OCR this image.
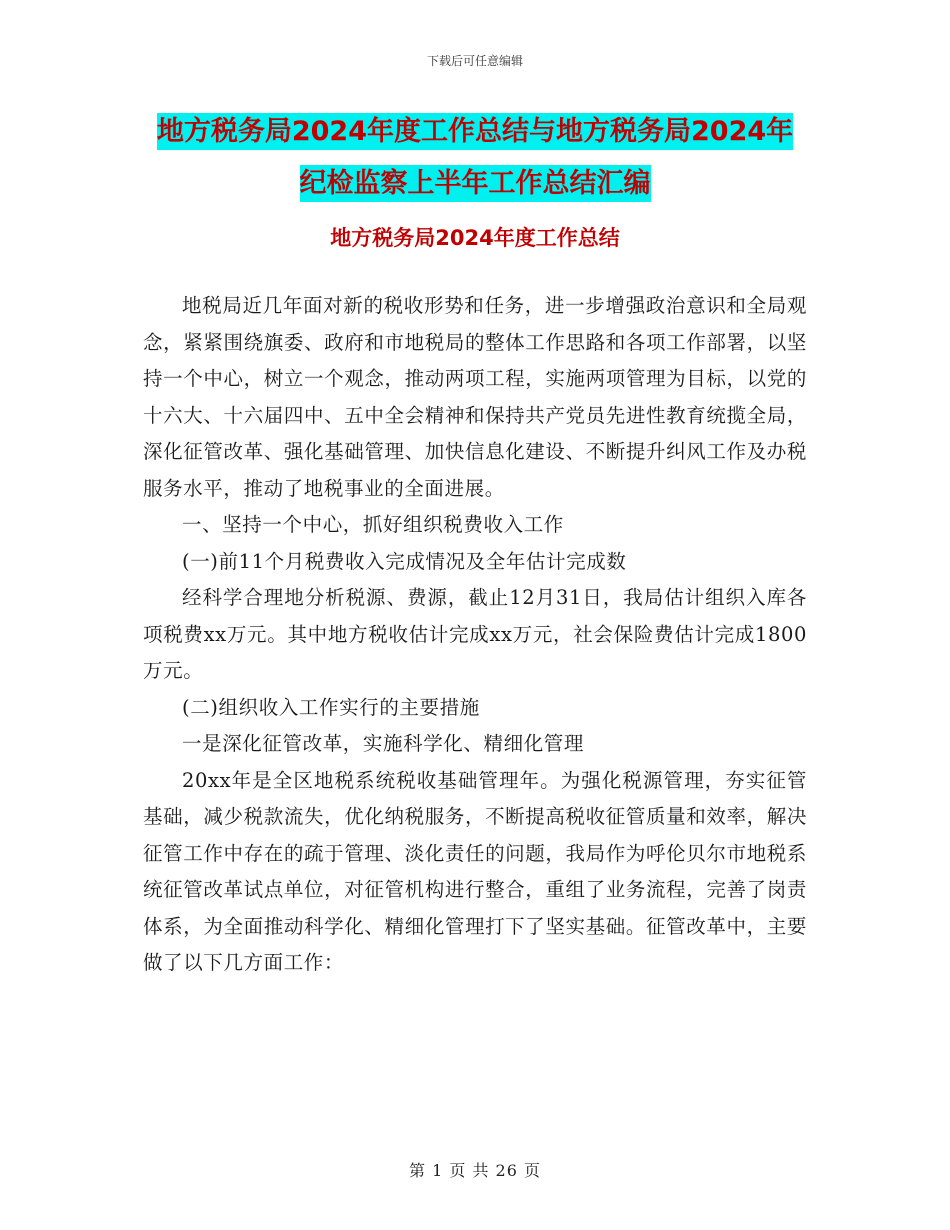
下载后可任意编辑
地方税务局2024年度工作总结与地方税务局2024年纪检监察上半年工作总结汇编
地方税务局2024年度工作总结

地税局近几年面对新的税收形势和任务，进一步增强政治意识和全局观念，紧紧围绕旗委、政府和市地税局的整体工作思路和各项工作部署，以坚持一个中心，树立一个观念，推动两项工程，实施两项管理为目标，以党的十六大、十六届四中、五中全会精神和保持共产党员先进性教育统揽全局，深化征管改革、强化基础管理、加快信息化建设、不断提升纠风工作及办税服务水平，推动了地税事业的全面进展。

一、坚持一个中心，抓好组织税费收入工作

(一)前11个月税费收入完成情况及全年估计完成数

经科学合理地分析税源、费源，截止12月31日，我局估计组织入库各项税费xx万元。其中地方税收估计完成xx万元，社会保险费估计完成1800万元。

(二)组织收入工作实行的主要措施

一是深化征管改革，实施科学化、精细化管理

20xx年是全区地税系统税收基础管理年。为强化税源管理，夯实征管基础，减少税款流失，优化纳税服务，不断提高税收征管质量和效率，解决征管工作中存在的疏于管理、淡化责任的问题，我局作为呼伦贝尔市地税系统征管改革试点单位，对征管机构进行整合，重组了业务流程，完善了岗责体系，为全面推动科学化、精细化管理打下了坚实基础。征管改革中，主要做了以下几方面工作：

第 1 页 共 26 页
